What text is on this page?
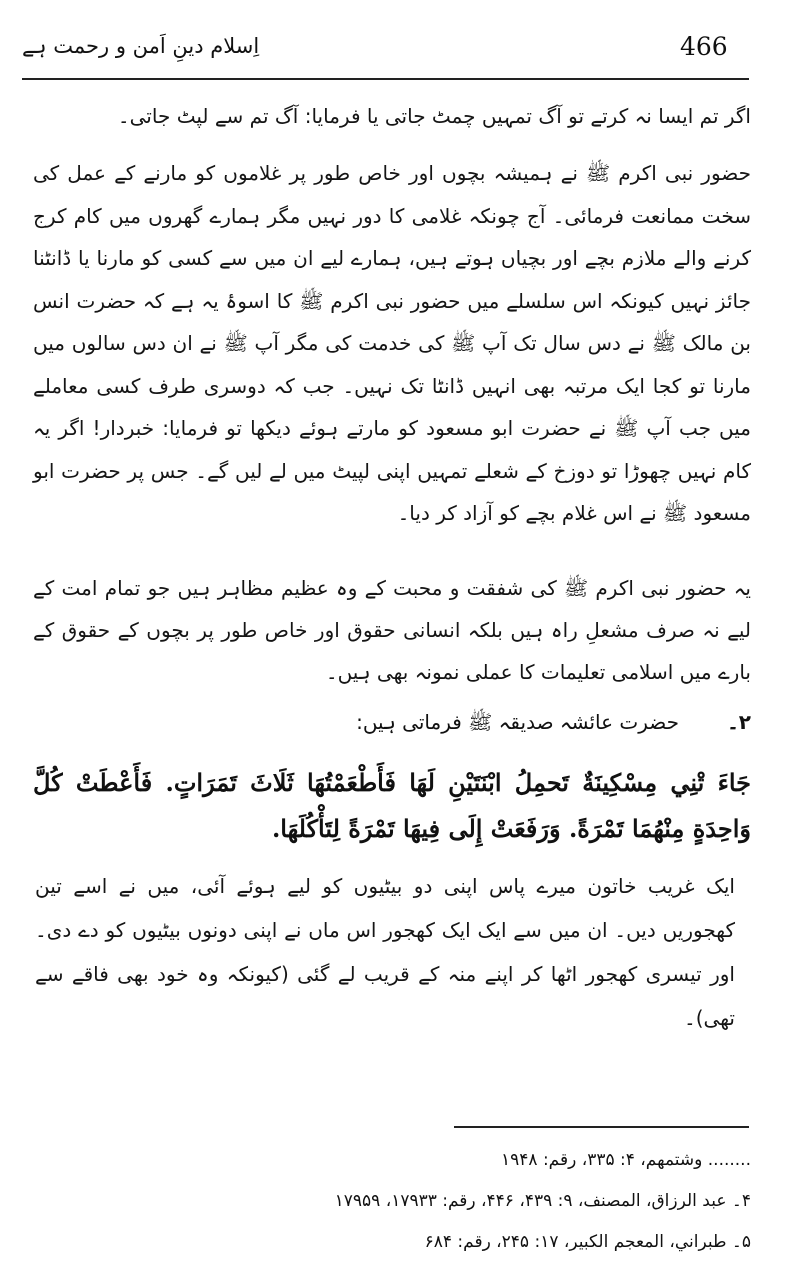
اِسلام دینِ اَمن و رحمت ہے	466
اگر تم ایسا نہ کرتے تو آگ تمہیں چمٹ جاتی یا فرمایا: آگ تم سے لپٹ جاتی۔
حضور نبی اکرم ﷺ نے ہمیشہ بچوں اور خاص طور پر غلاموں کو مارنے کے عمل کی سخت ممانعت فرمائی۔ آج چونکہ غلامی کا دور نہیں مگر ہمارے گھروں میں کام کرج کرنے والے ملازم بچے اور بچیاں ہوتے ہیں، ہمارے لیے ان میں سے کسی کو مارنا یا ڈانٹنا جائز نہیں کیونکہ اس سلسلے میں حضور نبی اکرم ﷺ کا اسوۂ یہ ہے کہ حضرت انس بن مالک ﷺ نے دس سال تک آپ ﷺ کی خدمت کی مگر آپ ﷺ نے ان دس سالوں میں مارنا تو کجا ایک مرتبہ بھی انہیں ڈانٹا تک نہیں۔ جب کہ دوسری طرف کسی معاملے میں جب آپ ﷺ نے حضرت ابو مسعود کو مارتے ہوئے دیکھا تو فرمایا: خبردار! اگر یہ کام نہیں چھوڑا تو دوزخ کے شعلے تمہیں اپنی لپیٹ میں لے لیں گے۔ جس پر حضرت ابو مسعود ﷺ نے اس غلام بچے کو آزاد کر دیا۔
یہ حضور نبی اکرم ﷺ کی شفقت و محبت کے وہ عظیم مظاہر ہیں جو تمام امت کے لیے نہ صرف مشعلِ راہ ہیں بلکہ انسانی حقوق اور خاص طور پر بچوں کے حقوق کے بارے میں اسلامی تعلیمات کا عملی نمونہ بھی ہیں۔
۲۔حضرت عائشہ صدیقہ ﷺ فرماتی ہیں:
جَاءَ تْنِي مِسْكِينَةٌ تَحمِلُ ابْنَتَيْنِ لَهَا فَأَطْعَمْتُهَا ثَلَاثَ تَمَرَاتٍ. فَأَعْطَتْ كُلَّ وَاحِدَةٍ مِنْهُمَا تَمْرَةً. وَرَفَعَتْ إِلَى فِيهَا تَمْرَةً لِتَأْكُلَهَا.
ایک غریب خاتون میرے پاس اپنی دو بیٹیوں کو لیے ہوئے آئی، میں نے اسے تین کھجوریں دیں۔ ان میں سے ایک ایک کھجور اس ماں نے اپنی دونوں بیٹیوں کو دے دی۔ اور تیسری کھجور اٹھا کر اپنے منہ کے قریب لے گئی (کیونکہ وہ خود بھی فاقے سے تھی)۔
........ وشتمهم، ۴: ۳۳۵، رقم: ۱۹۴۸
۴۔ عبد الرزاق، المصنف، ۹: ۴۳۹، ۴۴۶، رقم: ۱۷۹۳۳، ۱۷۹۵۹
۵۔ طبراني، المعجم الكبير، ۱۷: ۲۴۵، رقم: ۶۸۴
